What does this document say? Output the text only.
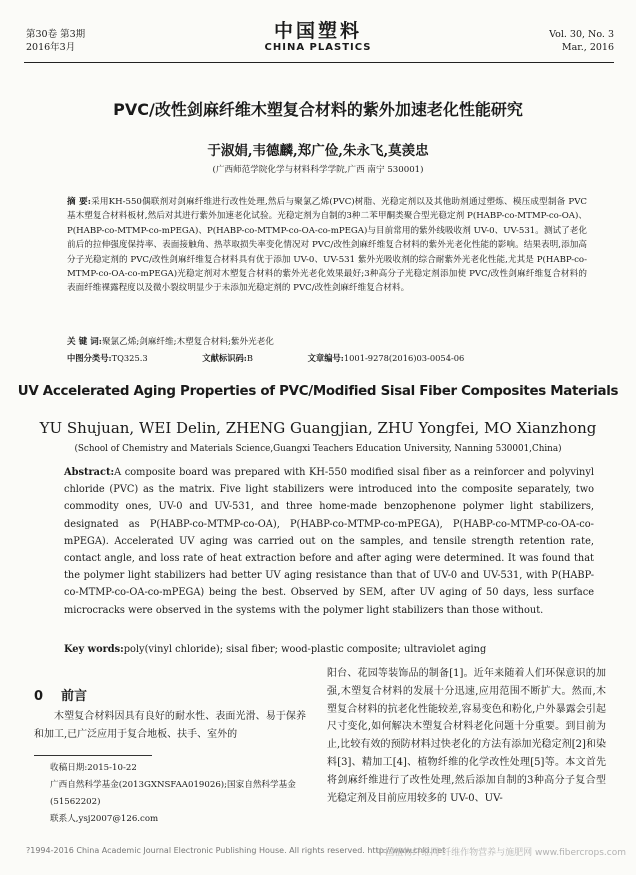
第30卷 第3期
2016年3月
中国塑料
CHINA PLASTICS
Vol. 30, No. 3
Mar., 2016
PVC/改性剑麻纤维木塑复合材料的紫外加速老化性能研究
于淑娟,韦德麟,郑广俭,朱永飞,莫羡忠
(广西师范学院化学与材料科学学院,广西 南宁 530001)
摘 要:采用KH-550偶联剂对剑麻纤维进行改性处理,然后与聚氯乙烯(PVC)树脂、光稳定剂以及其他助剂通过塑炼、模压成型制备 PVC 基木塑复合材料板材,然后对其进行紫外加速老化试验。光稳定剂为自制的3种二苯甲酮类聚合型光稳定剂 P(HABP-co-MTMP-co-OA)、P(HABP-co-MTMP-co-mPEGA)、P(HABP-co-MTMP-co-OA-co-mPEGA)与目前常用的紫外线吸收剂 UV-0、UV-531。测试了老化前后的拉伸强度保持率、表面接触角、热萃取损失率变化情况对 PVC/改性剑麻纤维复合材料的紫外光老化性能的影响。结果表明,添加高分子光稳定剂的 PVC/改性剑麻纤维复合材料具有优于添加 UV-0、UV-531 紫外光吸收剂的综合耐紫外光老化性能,尤其是 P(HABP-co-MTMP-co-OA-co-mPEGA)光稳定剂对木塑复合材料的紫外光老化效果最好;3种高分子光稳定剂添加使 PVC/改性剑麻纤维复合材料的表面纤维裸露程度以及微小裂纹明显少于未添加光稳定剂的 PVC/改性剑麻纤维复合材料。
关 键 词:聚氯乙烯;剑麻纤维;木塑复合材料;紫外光老化
中图分类号:TQ325.3	文献标识码:B	文章编号:1001-9278(2016)03-0054-06
UV Accelerated Aging Properties of PVC/Modified Sisal Fiber Composites Materials
YU Shujuan, WEI Delin, ZHENG Guangjian, ZHU Yongfei, MO Xianzhong
(School of Chemistry and Materials Science,Guangxi Teachers Education University, Nanning 530001,China)
Abstract:A composite board was prepared with KH-550 modified sisal fiber as a reinforcer and polyvinyl chloride (PVC) as the matrix. Five light stabilizers were introduced into the composite separately, two commodity ones, UV-0 and UV-531, and three home-made benzophenone polymer light stabilizers, designated as P(HABP-co-MTMP-co-OA), P(HABP-co-MTMP-co-mPEGA), P(HABP-co-MTMP-co-OA-co-mPEGA). Accelerated UV aging was carried out on the samples, and tensile strength retention rate, contact angle, and loss rate of heat extraction before and after aging were determined. It was found that the polymer light stabilizers had better UV aging resistance than that of UV-0 and UV-531, with P(HABP-co-MTMP-co-OA-co-mPEGA) being the best. Observed by SEM, after UV aging of 50 days, less surface microcracks were observed in the systems with the polymer light stabilizers than those without.
Key words:poly(vinyl chloride); sisal fiber; wood-plastic composite; ultraviolet aging
0 前言
木塑复合材料因具有良好的耐水性、表面光滑、易于保养和加工,已广泛应用于复合地板、扶手、室外的
收稿日期:2015-10-22
广西自然科学基金(2013GXNSFAA019026);国家自然科学基金(51562202)
联系人,ysj2007@126.com
阳台、花园等装饰品的制备[1]。近年来随着人们环保意识的加强,木塑复合材料的发展十分迅速,应用范围不断扩大。然而,木塑复合材料的抗老化性能较差,容易变色和粉化,户外暴露会引起尺寸变化,如何解决木塑复合材料老化问题十分重要。到目前为止,比较有效的预防材料过快老化的方法有添加光稳定剂[2]和染料[3]、精加工[4]、植物纤维的化学改性处理[5]等。本文首先将剑麻纤维进行了改性处理,然后添加自制的3种高分子复合型光稳定剂及目前应用较多的 UV-0、UV-
?1994-2016 China Academic Journal Electronic Publishing House. All rights reserved. http://www.cnki.net
中国植物纤维网 纤维作物营养与施肥网 www.fibercrops.com
